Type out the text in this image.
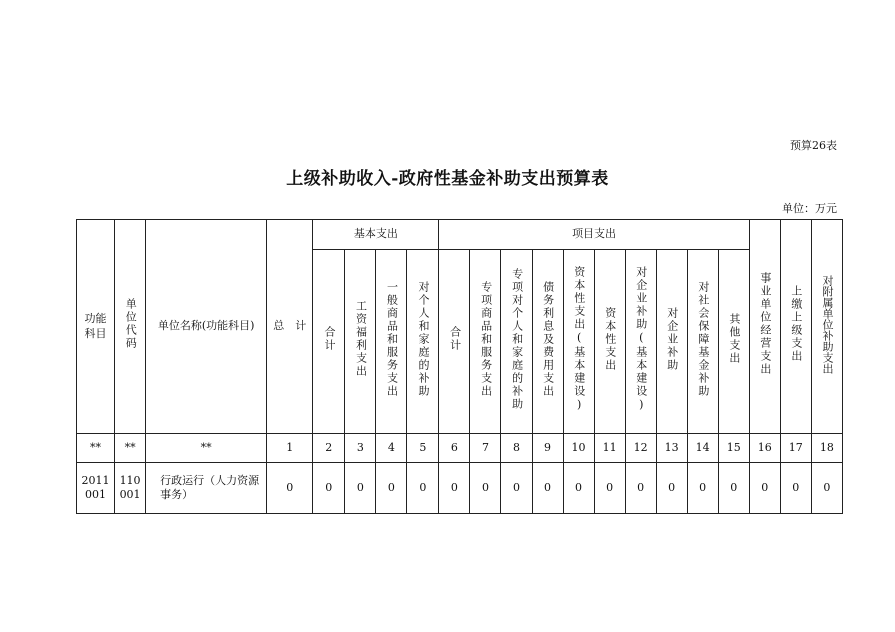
预算26表
上级补助收入-政府性基金补助支出预算表
单位：万元
功能科目	单位代码	单位名称(功能科目)	总　计	基本支出				项目支出										事业单位经营支出	上缴上级支出	对附属单位补助支出
				合计	工资福利支出	一般商品和服务支出	对个人和家庭的补助	合计	专项商品和服务支出	专项对个人和家庭的补助	债务利息及费用支出	资本性支出(基本建设)	资本性支出	对企业补助(基本建设)	对企业补助	对社会保障基金补助	其他支出			
**	**	**	1	2	3	4	5	6	7	8	9	10	11	12	13	14	15	16	17	18
2011001	110001	行政运行（人力资源事务）	0	0	0	0	0	0	0	0	0	0	0	0	0	0	0	0	0	0
